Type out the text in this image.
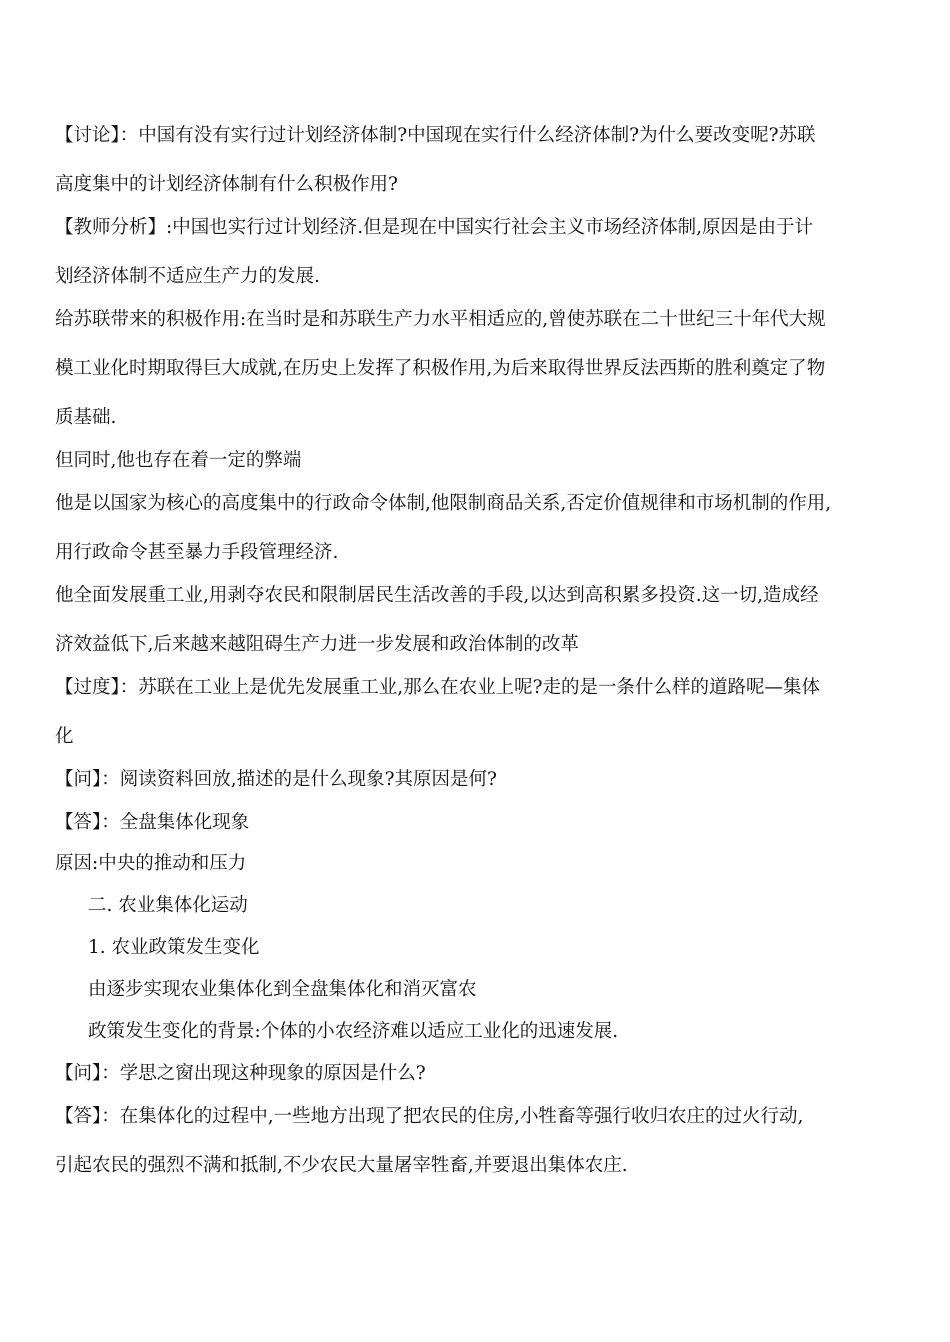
【讨论】：中国有没有实行过计划经济体制?中国现在实行什么经济体制?为什么要改变呢?苏联
高度集中的计划经济体制有什么积极作用?
【教师分析】:中国也实行过计划经济.但是现在中国实行社会主义市场经济体制,原因是由于计
划经济体制不适应生产力的发展.
给苏联带来的积极作用:在当时是和苏联生产力水平相适应的,曾使苏联在二十世纪三十年代大规
模工业化时期取得巨大成就,在历史上发挥了积极作用,为后来取得世界反法西斯的胜利奠定了物
质基础.
但同时,他也存在着一定的弊端
他是以国家为核心的高度集中的行政命令体制,他限制商品关系,否定价值规律和市场机制的作用,
用行政命令甚至暴力手段管理经济.
他全面发展重工业,用剥夺农民和限制居民生活改善的手段,以达到高积累多投资.这一切,造成经
济效益低下,后来越来越阻碍生产力进一步发展和政治体制的改革
【过度】：苏联在工业上是优先发展重工业,那么在农业上呢?走的是一条什么样的道路呢—集体
化
【问】：阅读资料回放,描述的是什么现象?其原因是何?
【答】：全盘集体化现象
原因:中央的推动和压力
二. 农业集体化运动
1. 农业政策发生变化
由逐步实现农业集体化到全盘集体化和消灭富农
政策发生变化的背景:个体的小农经济难以适应工业化的迅速发展.
【问】：学思之窗出现这种现象的原因是什么?
【答】：在集体化的过程中,一些地方出现了把农民的住房,小牲畜等强行收归农庄的过火行动,
引起农民的强烈不满和抵制,不少农民大量屠宰牲畜,并要退出集体农庄.
